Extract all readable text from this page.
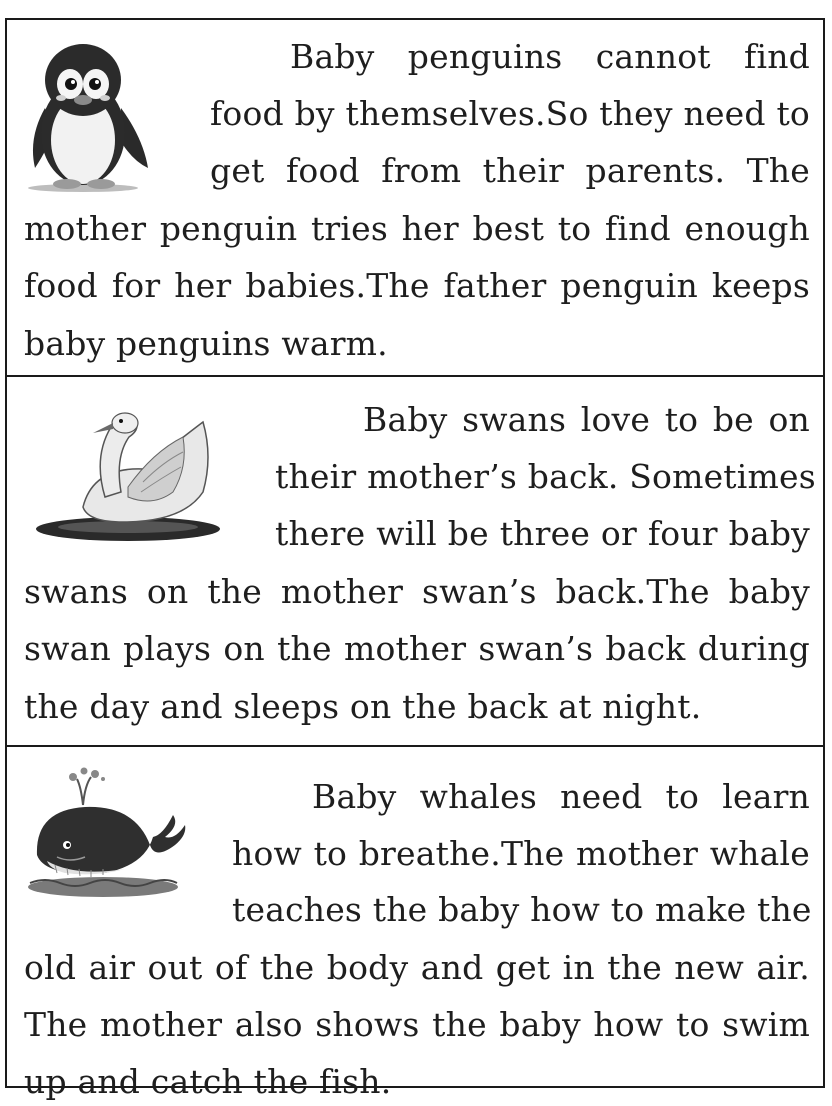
Baby penguins cannot find
food by themselves.So they need to
get food from their parents. The
mother penguin tries her best to find enough
food for her babies.The father penguin keeps
baby penguins warm.
Baby swans love to be on
their mother’s back. Sometimes
there will be three or four baby
swans on the mother swan’s back.The baby
swan plays on the mother swan’s back during
the day and sleeps on the back at night.
Baby whales need to learn
how to breathe.The mother whale
teaches the baby how to make the
old air out of the body and get in the new air.
The mother also shows the baby how to swim
up and catch the fish.
